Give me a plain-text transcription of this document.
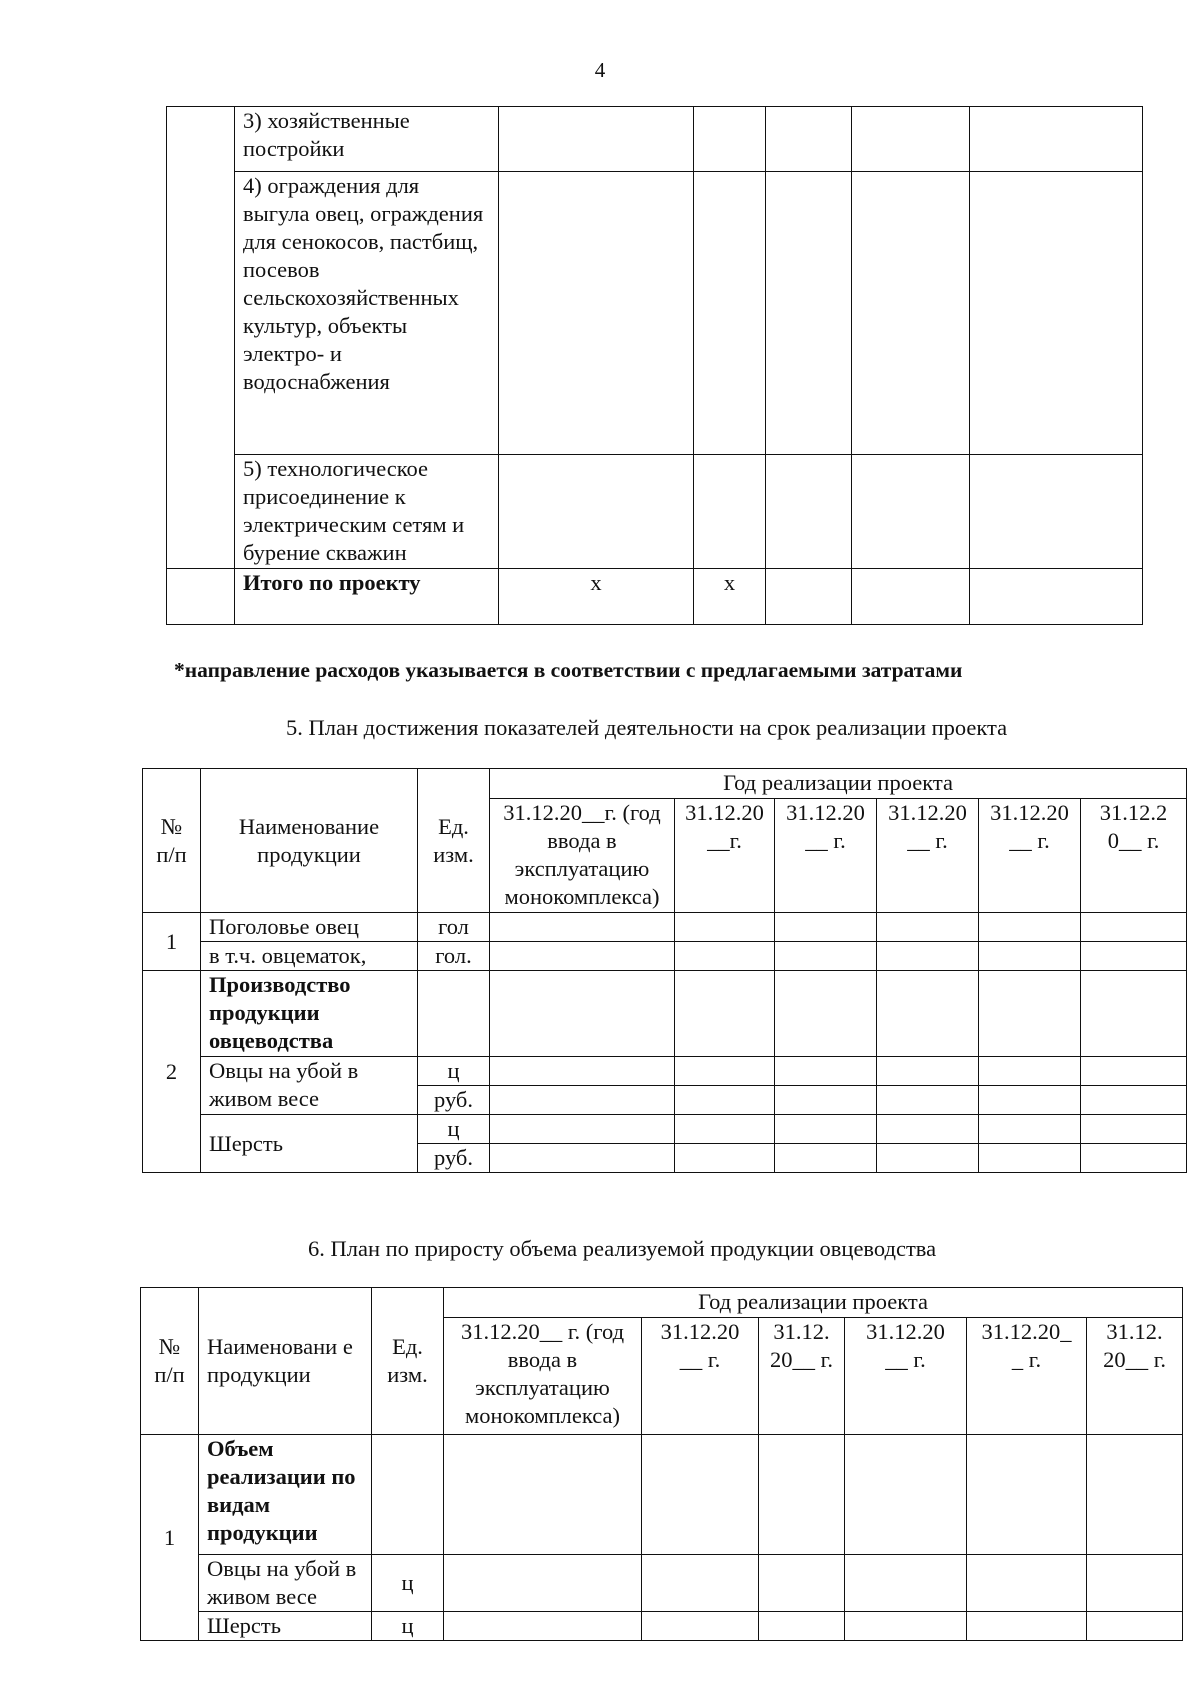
4
	3) хозяйственные постройки					
	4) ограждения для выгула овец, ограждения для сенокосов, пастбищ, посевов сельскохозяйственных культур, объекты электро- и водоснабжения					
	5) технологическое присоединение к электрическим сетям и бурение скважин					
	Итого по проекту	x	x			
*направление расходов указывается в соответствии с предлагаемыми затратами
5. План достижения показателей деятельности на срок реализации проекта
№ п/п	Наименование продукции	Ед. изм.	Год реализации проекта					
			31.12.20__г. (год ввода в эксплуатацию монокомплекса)	31.12.20 __г.	31.12.20 __ г.	31.12.20 __ г.	31.12.20 __ г.	31.12.2 0__ г.
1	Поголовье овец	гол						
	в т.ч. овцематок,	гол.						
2	Производство продукции овцеводства							
	Овцы на убой в живом весе	ц						
		руб.						
	Шерсть	ц						
		руб.						
6. План по приросту объема реализуемой продукции овцеводства
№ п/п	Наименовани е продукции	Ед. изм.	Год реализации проекта					
			31.12.20__ г. (год ввода в эксплуатацию монокомплекса)	31.12.20 __ г.	31.12. 20__ г.	31.12.20 __ г.	31.12.20_ _ г.	31.12. 20__ г.
1	Объем реализации по видам продукции							
	Овцы на убой в живом весе	ц						
	Шерсть	ц						
